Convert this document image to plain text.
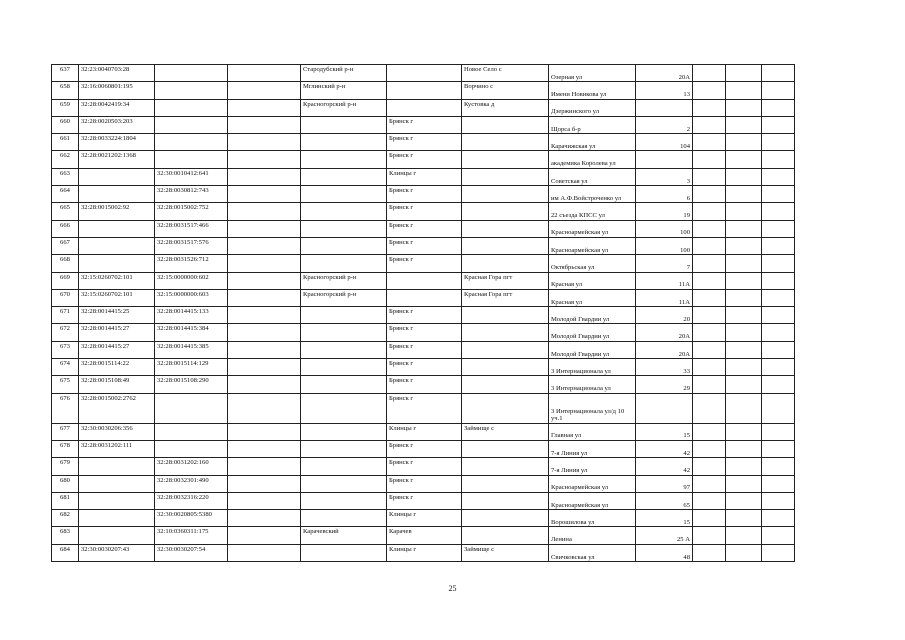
637	32:23:0040703:28			Стародубский р-н		Новое Село с	Озерная ул	20А			
658	32:16:0060801:195			Мглинский р-н		Ворчино с	Имени Новикова ул	13			
659	32:28:0042419:34			Красногорский р-н		Кустовка д	Дзержинского ул				
660	32:28:0020503:203				Брянск г		Щорса б-р	2			
661	32:28:0033224:1804				Брянск г		Карачижская ул	104			
662	32:28:0021202:1368				Брянск г		академика Королева ул				
663		32:30:0010412:641			Клинцы г		Советская ул	3			
664		32:28:0030812:743			Брянск г		им А.Ф.Войстроченко ул	6			
665	32:28:0015002:92	32:28:0015002:752			Брянск г		22 съезда КПСС ул	19			
666		32:28:0031517:466			Брянск г		Красноармейская ул	100			
667		32:28:0031517:576			Брянск г		Красноармейская ул	100			
668		32:28:0031526:712			Брянск г		Октябрьская ул	7			
669	32:15:0260702:101	32:15:0000000:602		Красногорский р-н		Красная Гора пгт	Красная ул	11А			
670	32:15:0260702:101	32:15:0000000:603		Красногорский р-н		Красная Гора пгт	Красная ул	11А			
671	32:28:0014415:25	32:28:0014415:133			Брянск г		Молодой Гвардии ул	20			
672	32:28:0014415:27	32:28:0014415:384			Брянск г		Молодой Гвардии ул	20А			
673	32:28:0014415:27	32:28:0014415:385			Брянск г		Молодой Гвардии ул	20А			
674	32:28:0015114:22	32:28:0015114:129			Брянск г		3 Интернационала ул	33			
675	32:28:0015108:49	32:28:0015108:290			Брянск г		3 Интернационала ул	29			
676	32:28:0015002:2762				Брянск г		3 Интернационала ул/д 10 уч.1				
677	32:30:0030206:356				Клинцы г	Займище с	Главная ул	15			
678	32:28:0031202:111				Брянск г		7-я Линия ул	42			
679		32:28:0031202:160			Брянск г		7-я Линия ул	42			
680		32:28:0032301:490			Брянск г		Красноармейская ул	97			
681		32:28:0032316:220			Брянск г		Красноармейская ул	65			
682		32:30:0020805:5380			Клинцы г		Ворошилова ул	15			
683		32:10:0360311:175		Карачевский	Карачев		Ленина	25 А			
684	32:30:0030207:43	32:30:0030207:54			Клинцы г	Займище с	Свичковская ул	48			
25
